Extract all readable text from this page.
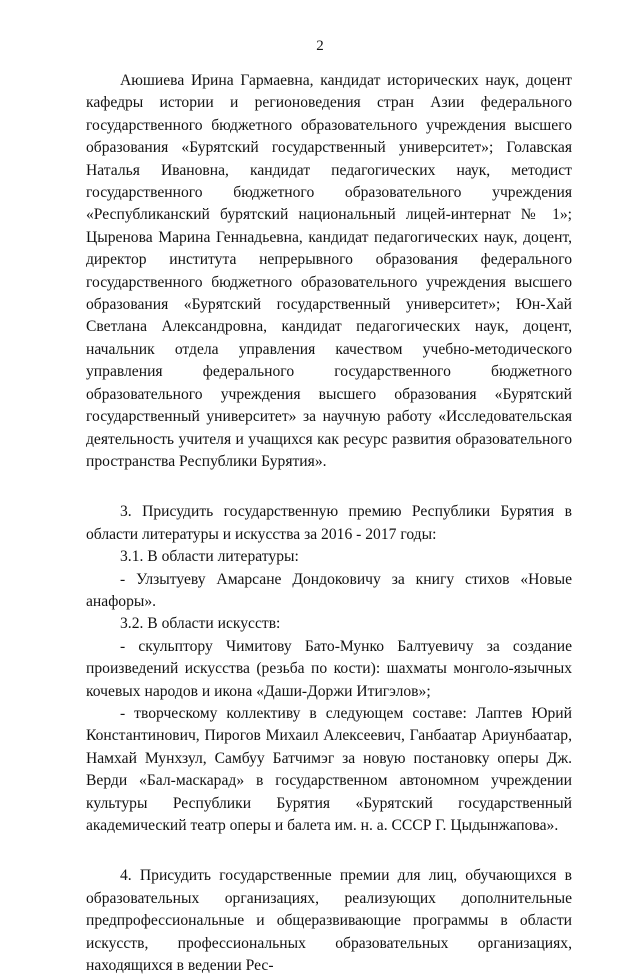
2

Аюшиева Ирина Гармаевна, кандидат исторических наук, доцент кафедры истории и регионоведения стран Азии федерального государственного бюджетного образовательного учреждения высшего образования «Бурятский государственный университет»; Голавская Наталья Ивановна, кандидат педагогических наук, методист государственного бюджетного образовательного учреждения «Республиканский бурятский национальный лицей-интернат № 1»; Цыренова Марина Геннадьевна, кандидат педагогических наук, доцент, директор института непрерывного образования федерального государственного бюджетного образовательного учреждения высшего образования «Бурятский государственный университет»; Юн-Хай Светлана Александровна, кандидат педагогических наук, доцент, начальник отдела управления качеством учебно-методического управления федерального государственного бюджетного образовательного учреждения высшего образования «Бурятский государственный университет» за научную работу «Исследовательская деятельность учителя и учащихся как ресурс развития образовательного пространства Республики Бурятия».

3. Присудить государственную премию Республики Бурятия в области литературы и искусства за 2016 - 2017 годы:

3.1. В области литературы:

- Улзытуеву Амарсане Дондоковичу за книгу стихов «Новые анафоры».

3.2. В области искусств:

- скульптору Чимитову Бато-Мунко Балтуевичу за создание произведений искусства (резьба по кости): шахматы монголо-язычных кочевых народов и икона «Даши-Доржи Итигэлов»;

- творческому коллективу в следующем составе: Лаптев Юрий Константинович, Пирогов Михаил Алексеевич, Ганбаатар Ариунбаатар, Намхай Мунхзул, Самбуу Батчимэг за новую постановку оперы Дж. Верди «Бал-маскарад» в государственном автономном учреждении культуры Республики Бурятия «Бурятский государственный академический театр оперы и балета им. н. а. СССР Г. Цыдынжапова».

4. Присудить государственные премии для лиц, обучающихся в образовательных организациях, реализующих дополнительные предпрофессиональные и общеразвивающие программы в области искусств, профессиональных образовательных организациях, находящихся в ведении Рес-
